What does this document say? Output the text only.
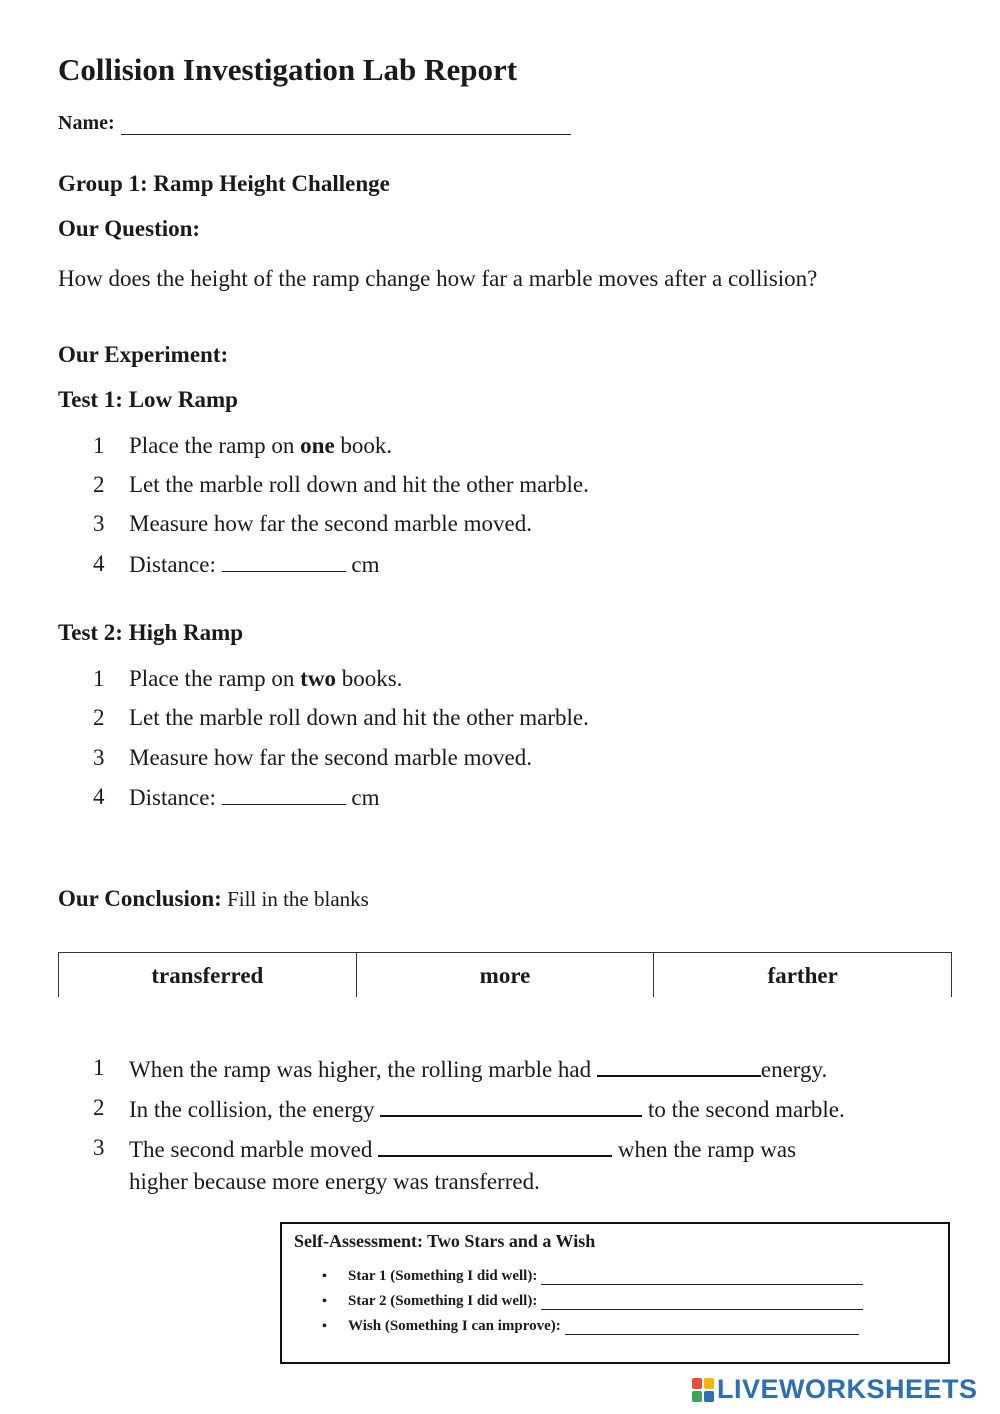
Collision Investigation Lab Report
Name:
Group 1: Ramp Height Challenge
Our Question:
How does the height of the ramp change how far a marble moves after a collision?
Our Experiment:
Test 1: Low Ramp
1	Place the ramp on one book.
2	Let the marble roll down and hit the other marble.
3	Measure how far the second marble moved.
4	Distance:	cm
Test 2: High Ramp
1	Place the ramp on two books.
2	Let the marble roll down and hit the other marble.
3	Measure how far the second marble moved.
4	Distance:	cm
Our Conclusion: Fill in the blanks
transferred	more	farther
1	When the ramp was higher, the rolling marble had	energy.
2	In the collision, the energy	to the second marble.
3	The second marble moved	when the ramp was
higher because more energy was transferred.
Self-Assessment: Two Stars and a Wish
•	Star 1 (Something I did well):
•	Star 2 (Something I did well):
•	Wish (Something I can improve):
LIVEWORKSHEETS
